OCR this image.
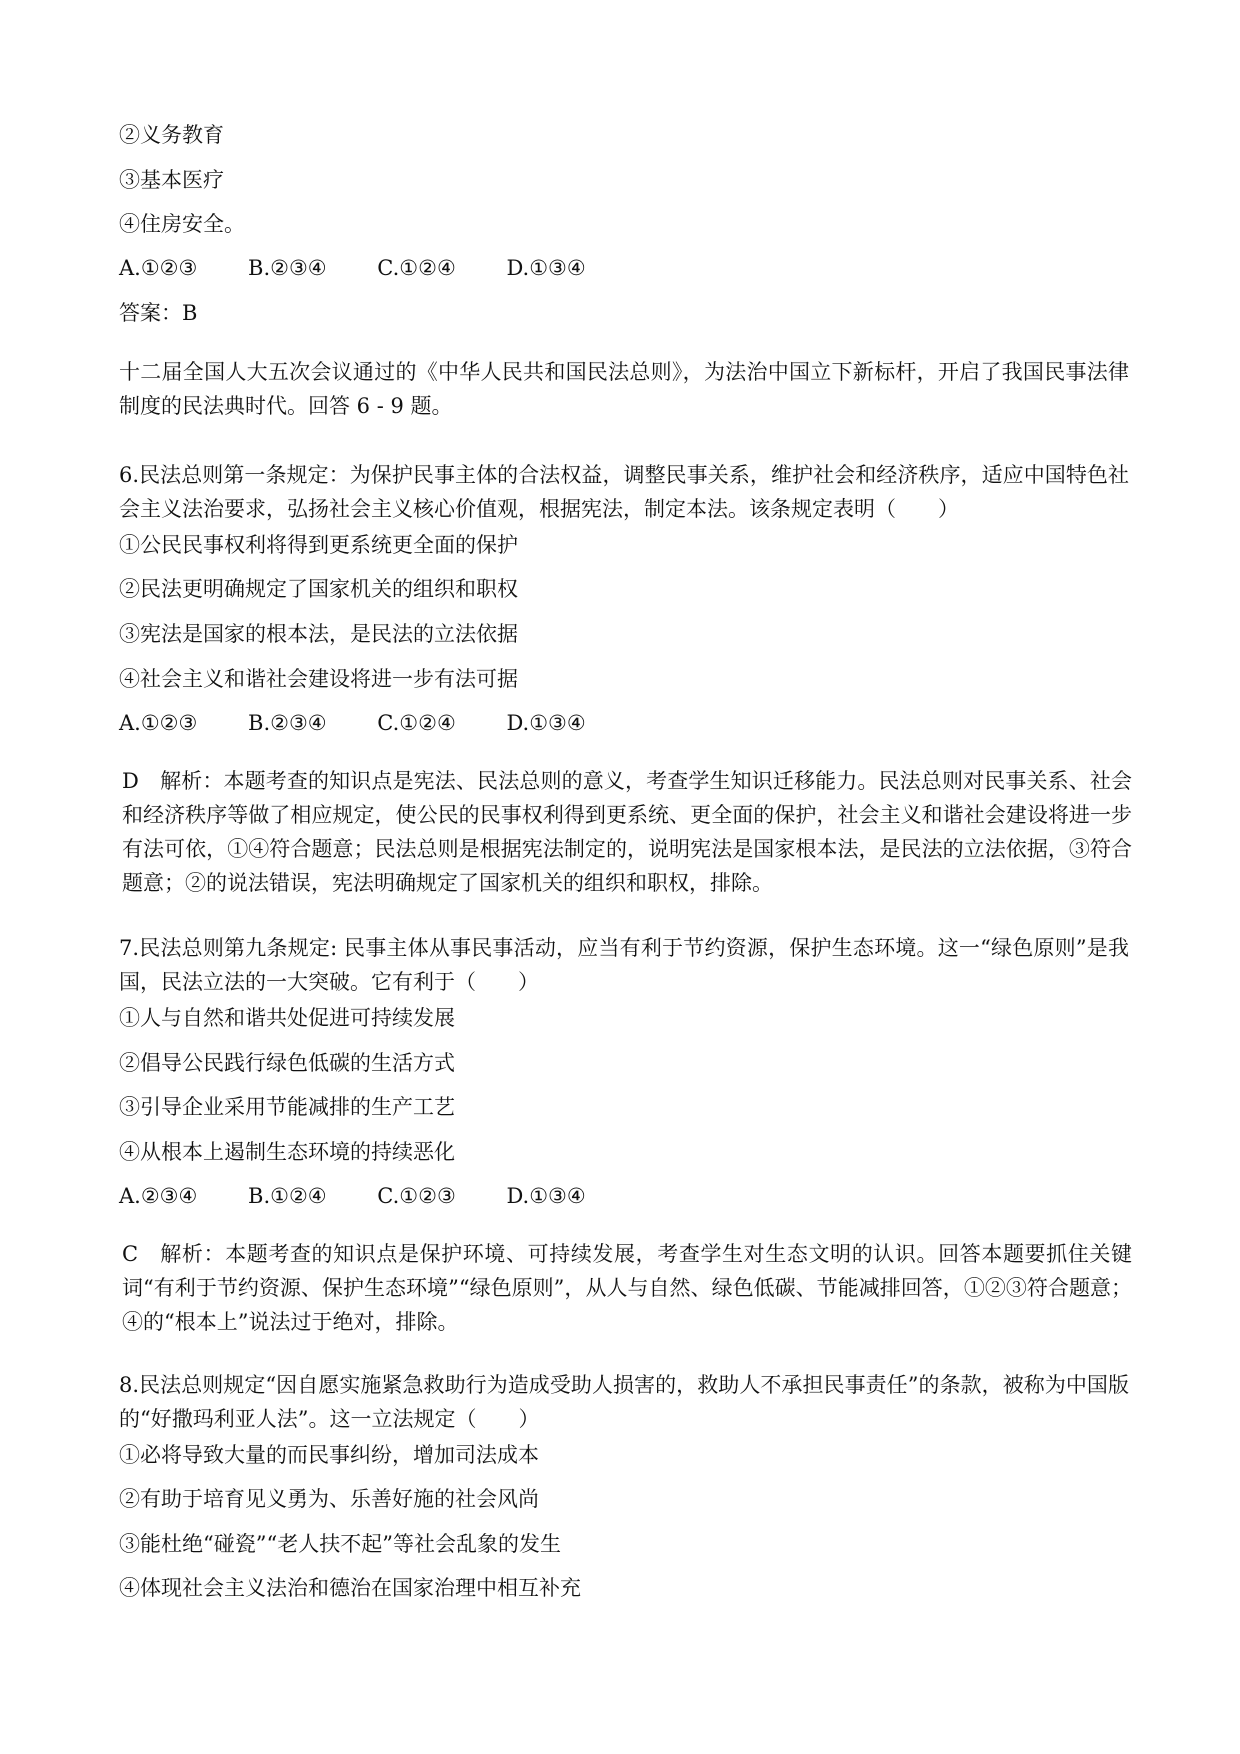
②义务教育
③基本医疗
④住房安全。
A.①②③ B.②③④ C.①②④ D.①③④
答案：B
十二届全国人大五次会议通过的《中华人民共和国民法总则》，为法治中国立下新标杆，开启了我国民事法律制度的民法典时代。回答 6 - 9 题。
6.民法总则第一条规定：为保护民事主体的合法权益，调整民事关系，维护社会和经济秩序，适应中国特色社会主义法治要求，弘扬社会主义核心价值观，根据宪法，制定本法。该条规定表明（　　）
①公民民事权利将得到更系统更全面的保护
②民法更明确规定了国家机关的组织和职权
③宪法是国家的根本法，是民法的立法依据
④社会主义和谐社会建设将进一步有法可据
A.①②③ B.②③④ C.①②④ D.①③④
D　解析：本题考查的知识点是宪法、民法总则的意义，考查学生知识迁移能力。民法总则对民事关系、社会和经济秩序等做了相应规定，使公民的民事权利得到更系统、更全面的保护，社会主义和谐社会建设将进一步有法可依，①④符合题意；民法总则是根据宪法制定的，说明宪法是国家根本法，是民法的立法依据，③符合题意；②的说法错误，宪法明确规定了国家机关的组织和职权，排除。
7.民法总则第九条规定: 民事主体从事民事活动，应当有利于节约资源，保护生态环境。这一“绿色原则”是我国，民法立法的一大突破。它有利于（　　）
①人与自然和谐共处促进可持续发展
②倡导公民践行绿色低碳的生活方式
③引导企业采用节能减排的生产工艺
④从根本上遏制生态环境的持续恶化
A.②③④ B.①②④ C.①②③ D.①③④
C　解析：本题考查的知识点是保护环境、可持续发展，考查学生对生态文明的认识。回答本题要抓住关键词“有利于节约资源、保护生态环境”“绿色原则”，从人与自然、绿色低碳、节能减排回答，①②③符合题意；④的“根本上”说法过于绝对，排除。
8.民法总则规定“因自愿实施紧急救助行为造成受助人损害的，救助人不承担民事责任”的条款，被称为中国版的“好撒玛利亚人法”。这一立法规定（　　）
①必将导致大量的而民事纠纷，增加司法成本
②有助于培育见义勇为、乐善好施的社会风尚
③能杜绝“碰瓷”“老人扶不起”等社会乱象的发生
④体现社会主义法治和德治在国家治理中相互补充
